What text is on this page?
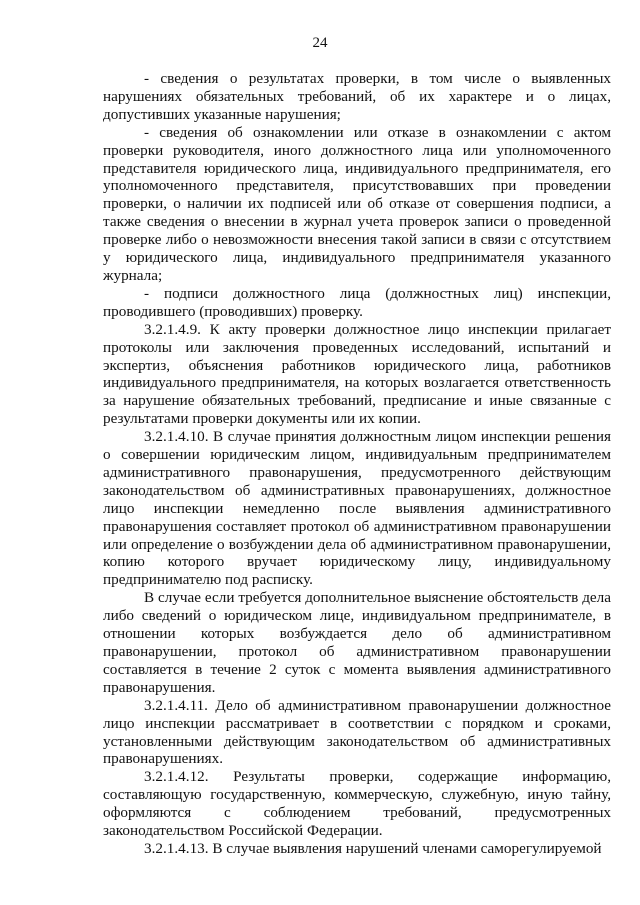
24

- сведения о результатах проверки, в том числе о выявленных нарушениях обязательных требований, об их характере и о лицах, допустивших указанные нарушения;

- сведения об ознакомлении или отказе в ознакомлении с актом проверки руководителя, иного должностного лица или уполномоченного представителя юридического лица, индивидуального предпринимателя, его уполномоченного представителя, присутствовавших при проведении проверки, о наличии их подписей или об отказе от совершения подписи, а также сведения о внесении в журнал учета проверок записи о проведенной проверке либо о невозможности внесения такой записи в связи с отсутствием у юридического лица, индивидуального предпринимателя указанного журнала;

- подписи должностного лица (должностных лиц) инспекции, проводившего (проводивших) проверку.

3.2.1.4.9. К акту проверки должностное лицо инспекции прилагает протоколы или заключения проведенных исследований, испытаний и экспертиз, объяснения работников юридического лица, работников индивидуального предпринимателя, на которых возлагается ответственность за нарушение обязательных требований, предписание и иные связанные с результатами проверки документы или их копии.

3.2.1.4.10. В случае принятия должностным лицом инспекции решения о совершении юридическим лицом, индивидуальным предпринимателем административного правонарушения, предусмотренного действующим законодательством об административных правонарушениях, должностное лицо инспекции немедленно после выявления административного правонарушения составляет протокол об административном правонарушении или определение о возбуждении дела об административном правонарушении, копию которого вручает юридическому лицу, индивидуальному предпринимателю под расписку.

В случае если требуется дополнительное выяснение обстоятельств дела либо сведений о юридическом лице, индивидуальном предпринимателе, в отношении которых возбуждается дело об административном правонарушении, протокол об административном правонарушении составляется в течение 2 суток с момента выявления административного правонарушения.

3.2.1.4.11. Дело об административном правонарушении должностное лицо инспекции рассматривает в соответствии с порядком и сроками, установленными действующим законодательством об административных правонарушениях.

3.2.1.4.12. Результаты проверки, содержащие информацию, составляющую государственную, коммерческую, служебную, иную тайну, оформляются с соблюдением требований, предусмотренных законодательством Российской Федерации.

3.2.1.4.13. В случае выявления нарушений членами саморегулируемой
